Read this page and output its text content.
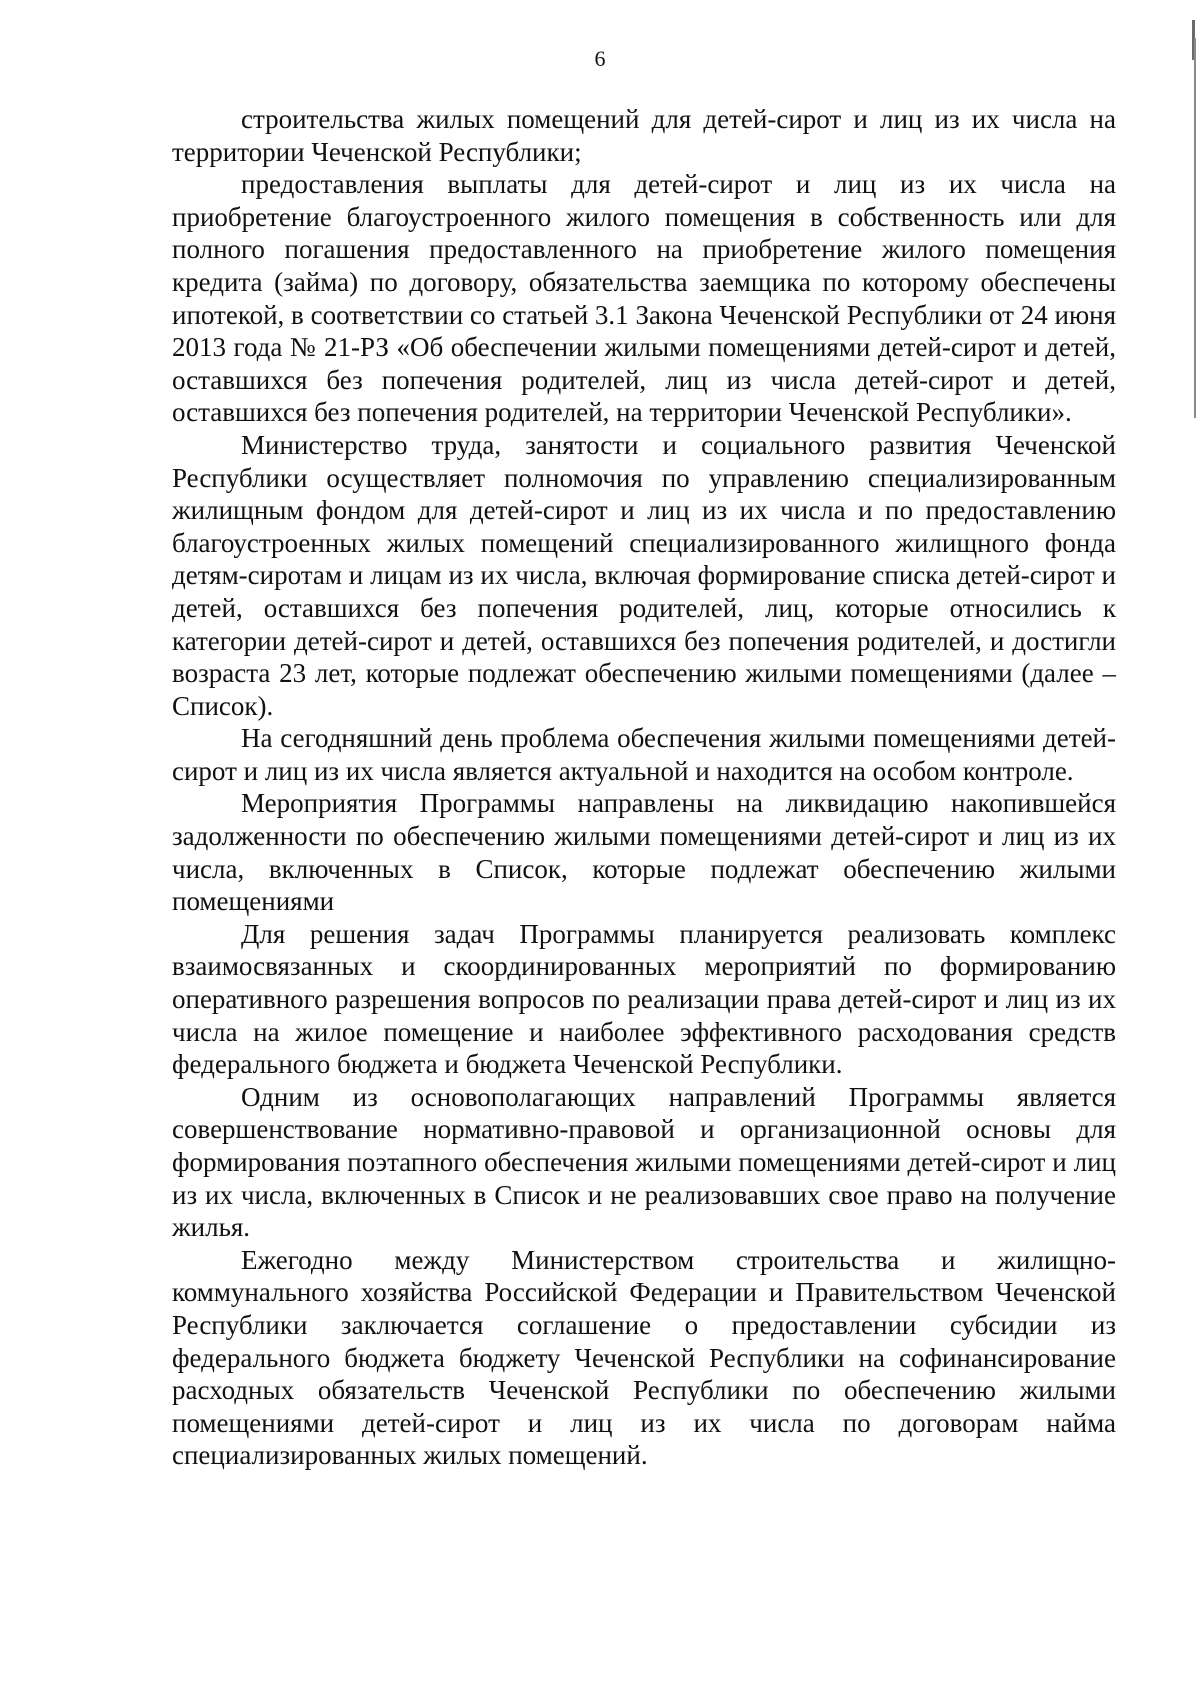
6

строительства жилых помещений для детей-сирот и лиц из их числа на территории Чеченской Республики;

предоставления выплаты для детей-сирот и лиц из их числа на приобретение благоустроенного жилого помещения в собственность или для полного погашения предоставленного на приобретение жилого помещения кредита (займа) по договору, обязательства заемщика по которому обеспечены ипотекой, в соответствии со статьей 3.1 Закона Чеченской Республики от 24 июня 2013 года № 21-РЗ «Об обеспечении жилыми помещениями детей-сирот и детей, оставшихся без попечения родителей, лиц из числа детей-сирот и детей, оставшихся без попечения родителей, на территории Чеченской Республики».

Министерство труда, занятости и социального развития Чеченской Республики осуществляет полномочия по управлению специализированным жилищным фондом для детей-сирот и лиц из их числа и по предоставлению благоустроенных жилых помещений специализированного жилищного фонда детям-сиротам и лицам из их числа, включая формирование списка детей-сирот и детей, оставшихся без попечения родителей, лиц, которые относились к категории детей-сирот и детей, оставшихся без попечения родителей, и достигли возраста 23 лет, которые подлежат обеспечению жилыми помещениями (далее – Список).

На сегодняшний день проблема обеспечения жилыми помещениями детей-сирот и лиц из их числа является актуальной и находится на особом контроле.

Мероприятия Программы направлены на ликвидацию накопившейся задолженности по обеспечению жилыми помещениями детей-сирот и лиц из их числа, включенных в Список, которые подлежат обеспечению жилыми помещениями

Для решения задач Программы планируется реализовать комплекс взаимосвязанных и скоординированных мероприятий по формированию оперативного разрешения вопросов по реализации права детей-сирот и лиц из их числа на жилое помещение и наиболее эффективного расходования средств федерального бюджета и бюджета Чеченской Республики.

Одним из основополагающих направлений Программы является совершенствование нормативно-правовой и организационной основы для формирования поэтапного обеспечения жилыми помещениями детей-сирот и лиц из их числа, включенных в Список и не реализовавших свое право на получение жилья.

Ежегодно между Министерством строительства и жилищно-коммунального хозяйства Российской Федерации и Правительством Чеченской Республики заключается соглашение о предоставлении субсидии из федерального бюджета бюджету Чеченской Республики на софинансирование расходных обязательств Чеченской Республики по обеспечению жилыми помещениями детей-сирот и лиц из их числа по договорам найма специализированных жилых помещений.
